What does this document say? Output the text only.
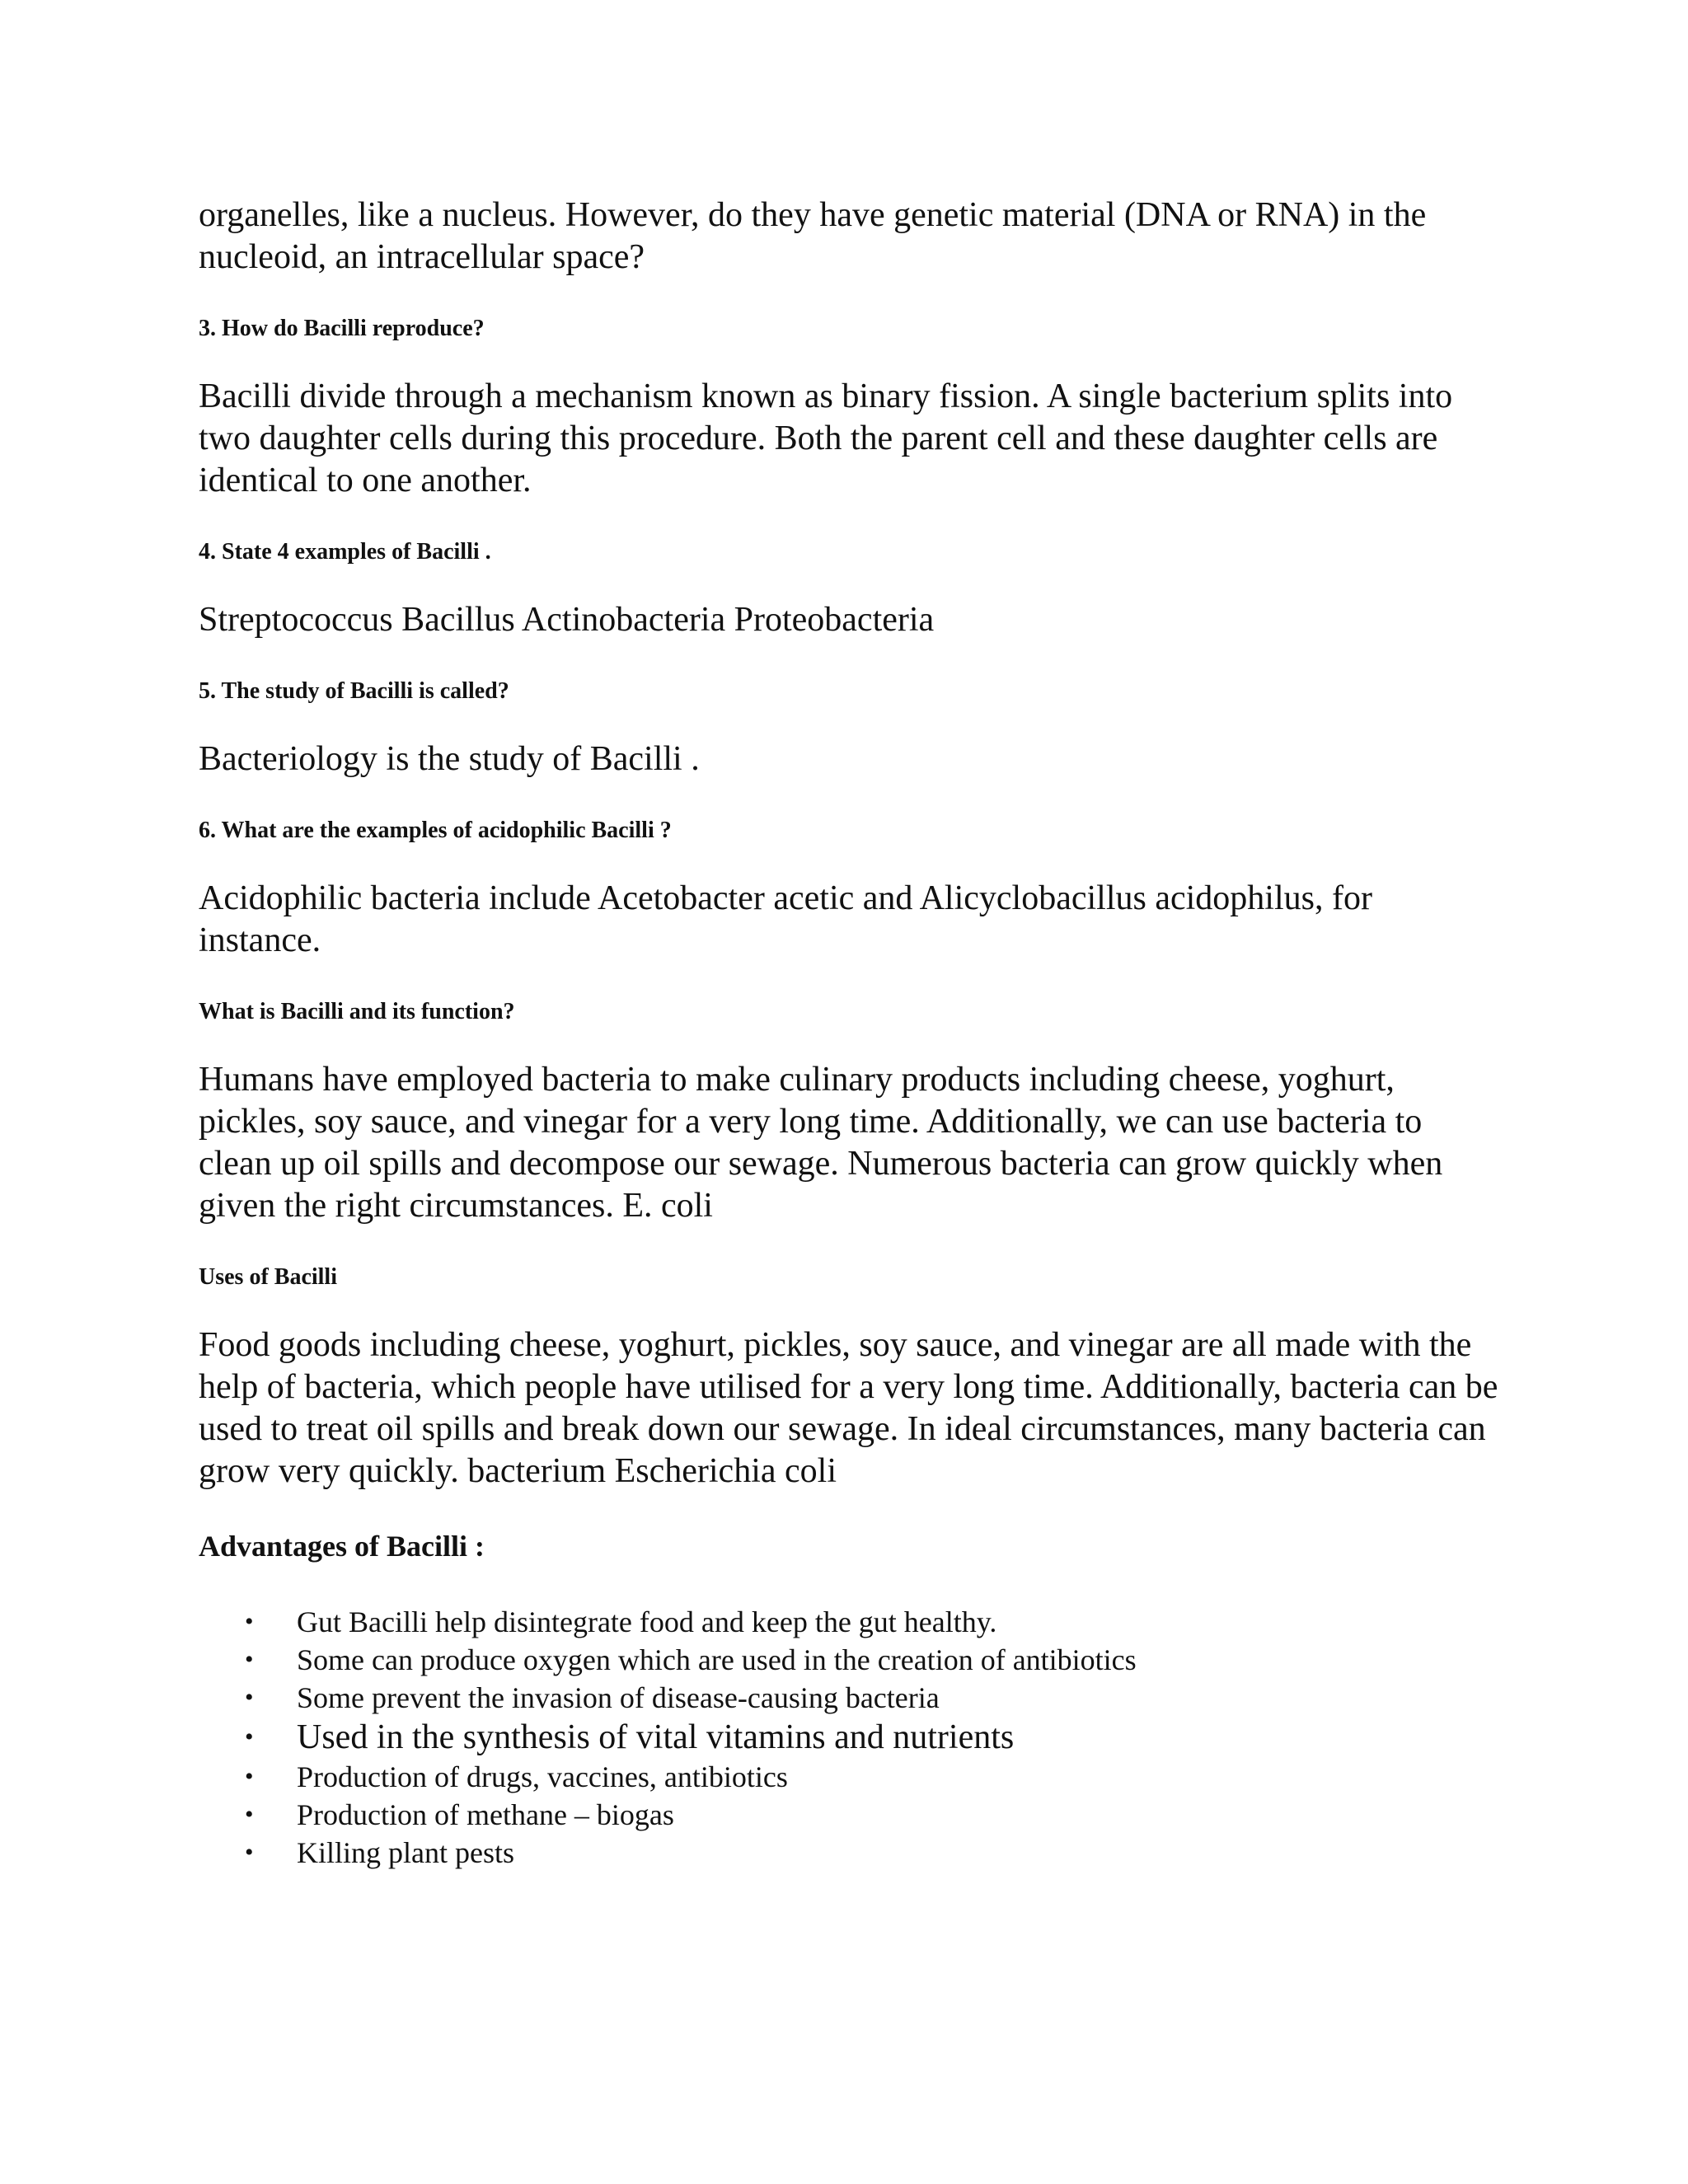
organelles, like a nucleus. However, do they have genetic material (DNA or RNA) in the nucleoid, an intracellular space?

3. How do Bacilli reproduce?

Bacilli divide through a mechanism known as binary fission. A single bacterium splits into two daughter cells during this procedure. Both the parent cell and these daughter cells are identical to one another.

4. State 4 examples of Bacilli .

Streptococcus Bacillus Actinobacteria Proteobacteria

5. The study of Bacilli is called?

Bacteriology is the study of Bacilli .

6. What are the examples of acidophilic Bacilli ?

Acidophilic bacteria include Acetobacter acetic and Alicyclobacillus acidophilus, for instance.

What is Bacilli and its function?

Humans have employed bacteria to make culinary products including cheese, yoghurt, pickles, soy sauce, and vinegar for a very long time. Additionally, we can use bacteria to clean up oil spills and decompose our sewage. Numerous bacteria can grow quickly when given the right circumstances. E. coli

Uses of Bacilli

Food goods including cheese, yoghurt, pickles, soy sauce, and vinegar are all made with the help of bacteria, which people have utilised for a very long time. Additionally, bacteria can be used to treat oil spills and break down our sewage. In ideal circumstances, many bacteria can grow very quickly. bacterium Escherichia coli

Advantages of Bacilli :

• Gut Bacilli help disintegrate food and keep the gut healthy.
• Some can produce oxygen which are used in the creation of antibiotics
• Some prevent the invasion of disease-causing bacteria
• Used in the synthesis of vital vitamins and nutrients
• Production of drugs, vaccines, antibiotics
• Production of methane – biogas
• Killing plant pests
